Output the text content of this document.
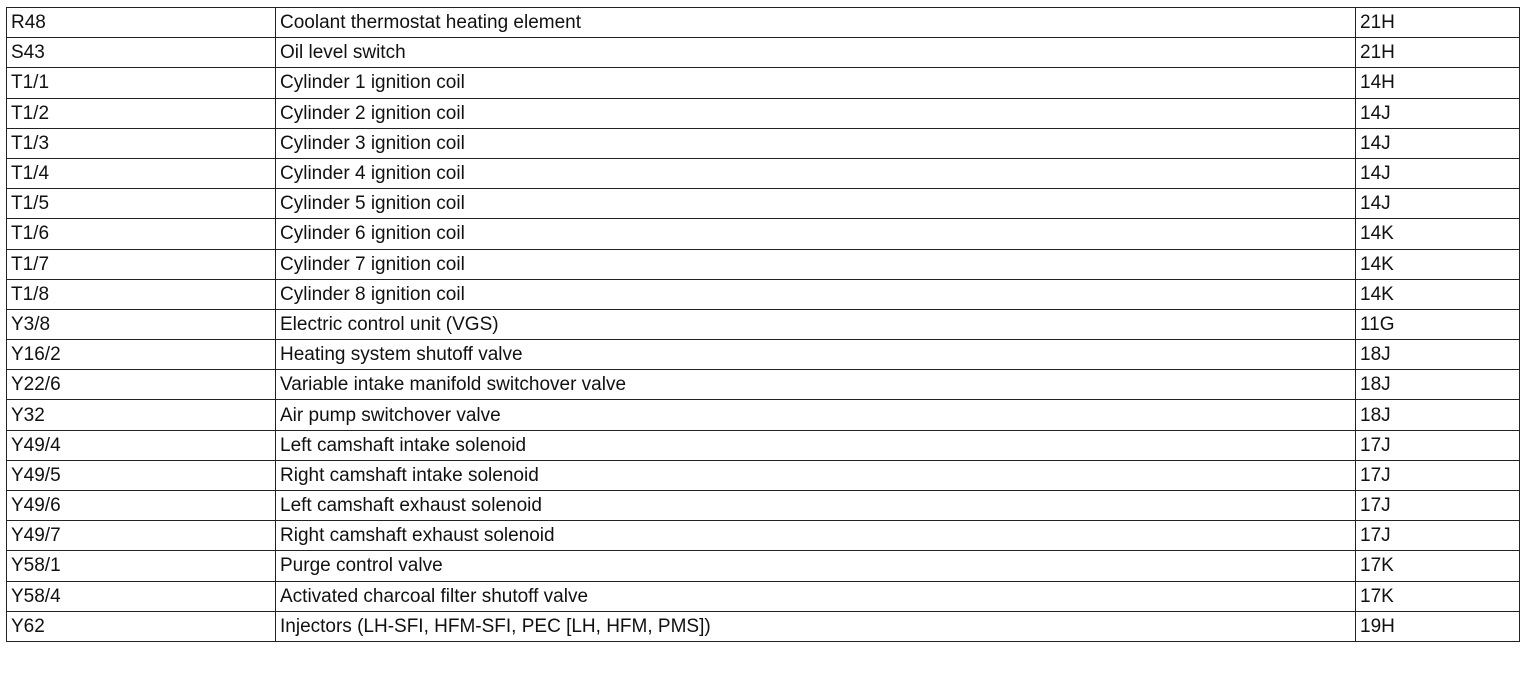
R48	Coolant thermostat heating element	21H
S43	Oil level switch	21H
T1/1	Cylinder 1 ignition coil	14H
T1/2	Cylinder 2 ignition coil	14J
T1/3	Cylinder 3 ignition coil	14J
T1/4	Cylinder 4 ignition coil	14J
T1/5	Cylinder 5 ignition coil	14J
T1/6	Cylinder 6 ignition coil	14K
T1/7	Cylinder 7 ignition coil	14K
T1/8	Cylinder 8 ignition coil	14K
Y3/8	Electric control unit (VGS)	11G
Y16/2	Heating system shutoff valve	18J
Y22/6	Variable intake manifold switchover valve	18J
Y32	Air pump switchover valve	18J
Y49/4	Left camshaft intake solenoid	17J
Y49/5	Right camshaft intake solenoid	17J
Y49/6	Left camshaft exhaust solenoid	17J
Y49/7	Right camshaft exhaust solenoid	17J
Y58/1	Purge control valve	17K
Y58/4	Activated charcoal filter shutoff valve	17K
Y62	Injectors (LH-SFI, HFM-SFI, PEC [LH, HFM, PMS])	19H
